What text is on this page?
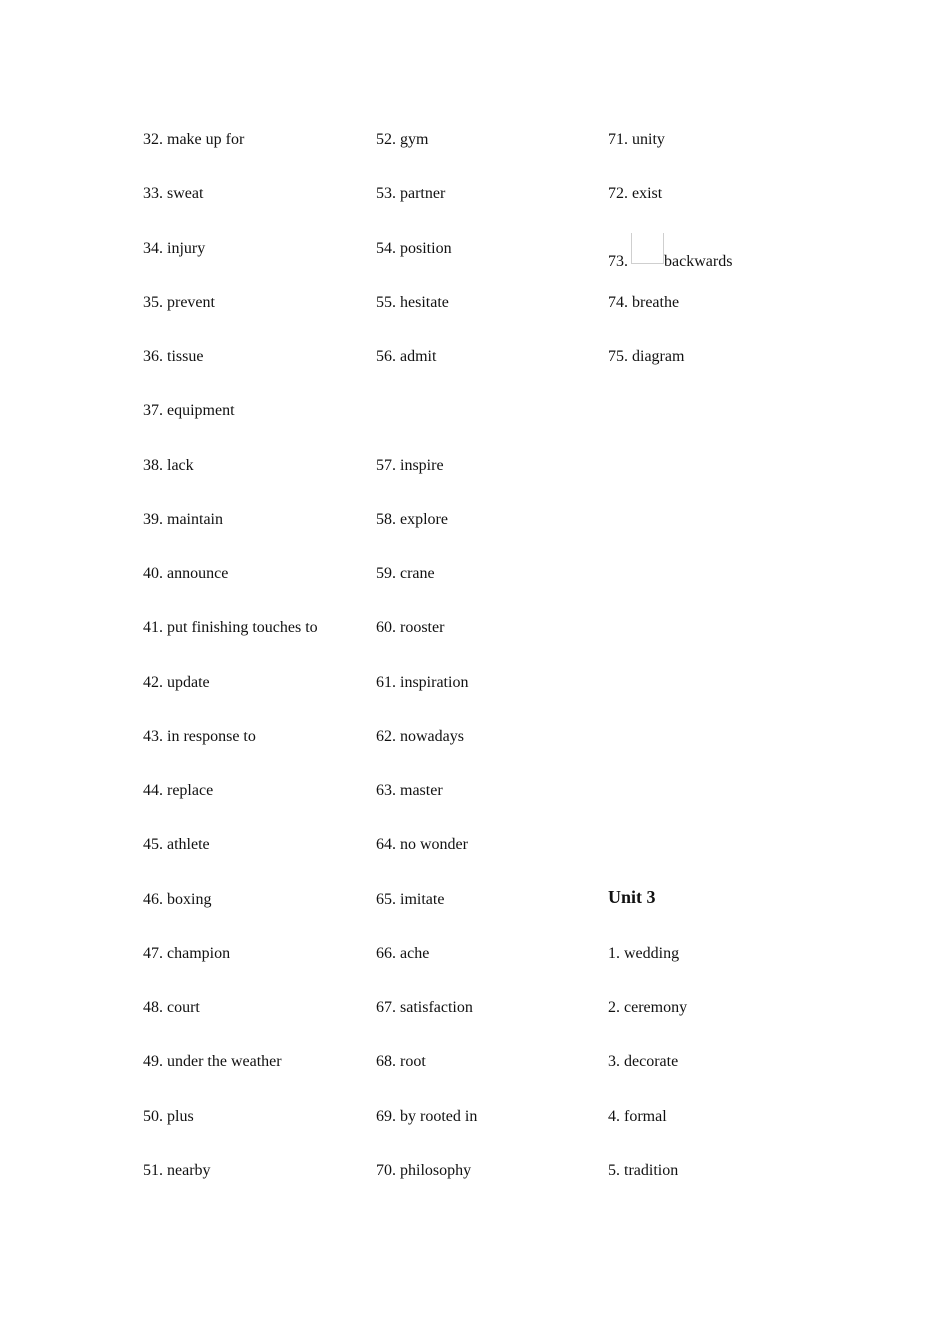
32. make up for
33. sweat
34. injury
35. prevent
36. tissue
37. equipment
38. lack
39. maintain
40. announce
41. put finishing touches to
42. update
43. in response to
44. replace
45. athlete
46. boxing
47. champion
48. court
49. under the weather
50. plus
51. nearby
52. gym
53. partner
54. position
55. hesitate
56. admit
57. inspire
58. explore
59. crane
60. rooster
61. inspiration
62. nowadays
63. master
64. no wonder
65. imitate
66. ache
67. satisfaction
68. root
69. by rooted in
70. philosophy
71. unity
72. exist
73. backwards
74. breathe
75. diagram
Unit 3
1. wedding
2. ceremony
3. decorate
4. formal
5. tradition
